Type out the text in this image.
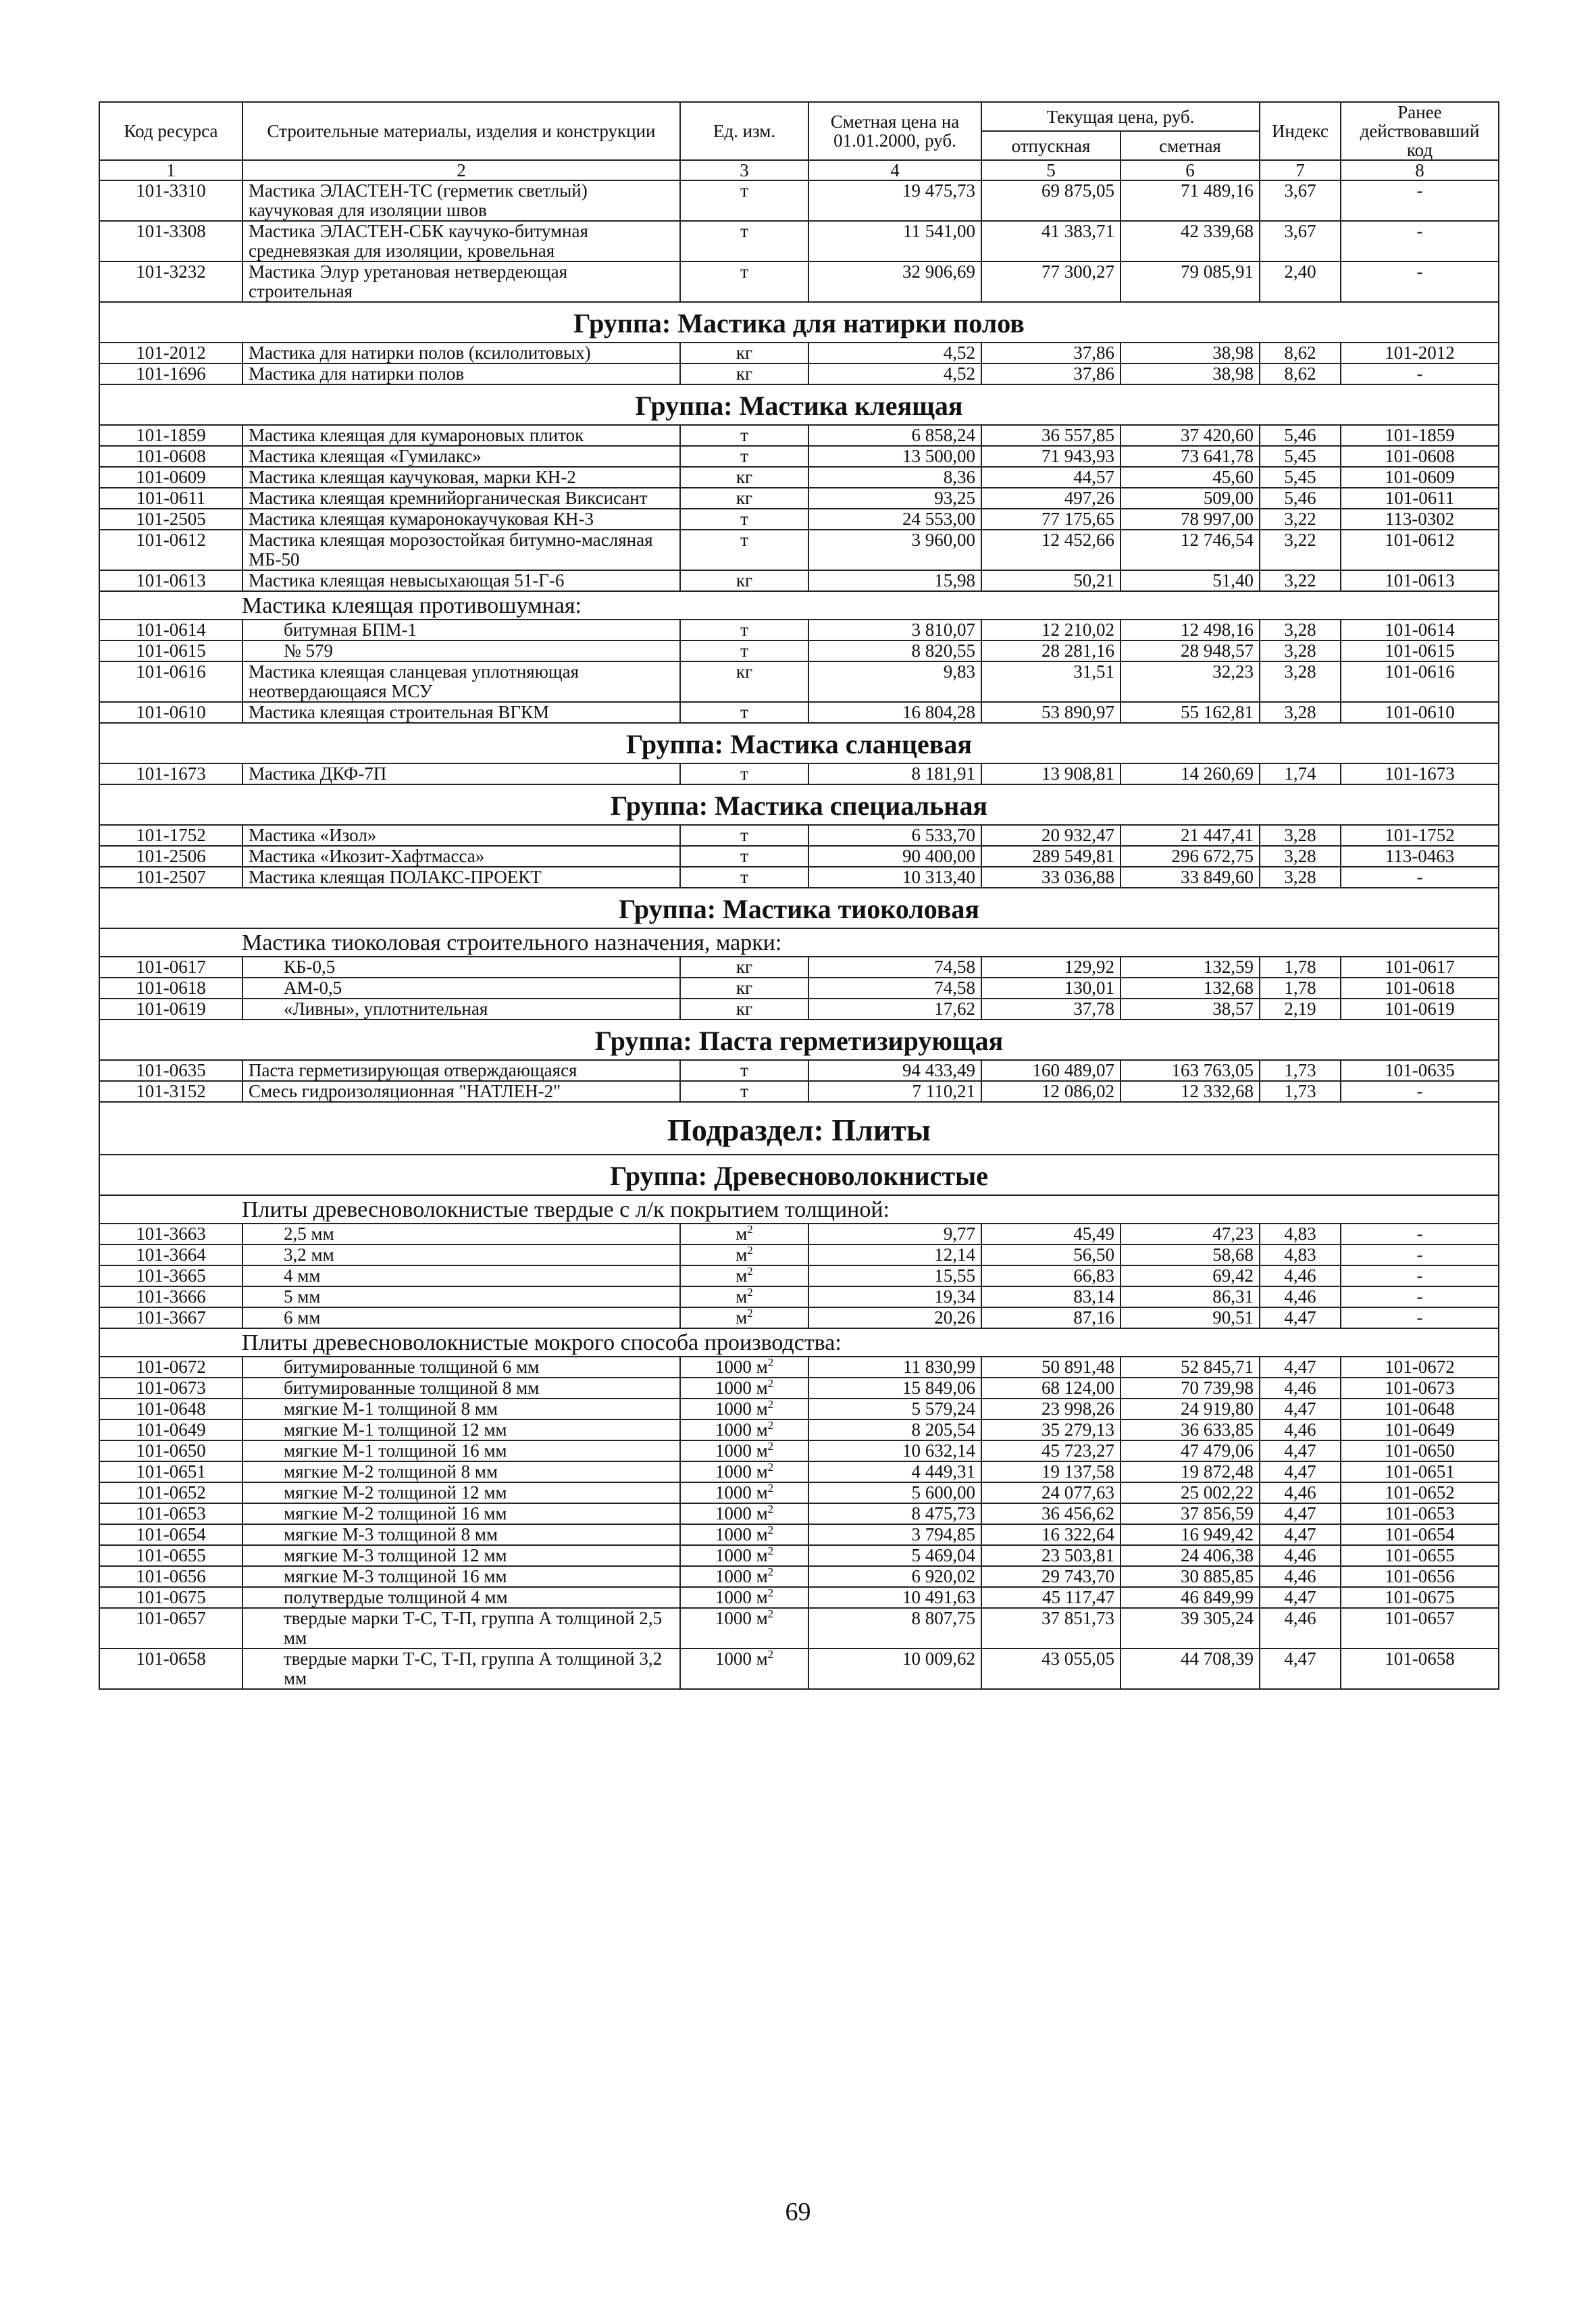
Код ресурса	Строительные материалы, изделия и конструкции	Ед. изм.	Сметная цена на 01.01.2000, руб.	Текущая цена, руб.		Индекс	Ранее действовавший код
				отпускная	сметная		
1	2	3	4	5	6	7	8
101-3310	Мастика ЭЛАСТЕН-ТС (герметик светлый) каучуковая для изоляции швов	т	19 475,73	69 875,05	71 489,16	3,67	-
101-3308	Мастика ЭЛАСТЕН-СБК каучуко-битумная средневязкая для изоляции, кровельная	т	11 541,00	41 383,71	42 339,68	3,67	-
101-3232	Мастика Элур уретановая нетвердеющая строительная	т	32 906,69	77 300,27	79 085,91	2,40	-
Группа: Мастика для натирки полов							
101-2012	Мастика для натирки полов (ксилолитовых)	кг	4,52	37,86	38,98	8,62	101-2012
101-1696	Мастика для натирки полов	кг	4,52	37,86	38,98	8,62	-
Группа: Мастика клеящая							
101-1859	Мастика клеящая для кумароновых плиток	т	6 858,24	36 557,85	37 420,60	5,46	101-1859
101-0608	Мастика клеящая «Гумилакс»	т	13 500,00	71 943,93	73 641,78	5,45	101-0608
101-0609	Мастика клеящая каучуковая, марки КН-2	кг	8,36	44,57	45,60	5,45	101-0609
101-0611	Мастика клеящая кремнийорганическая Виксисант	кг	93,25	497,26	509,00	5,46	101-0611
101-2505	Мастика клеящая кумаронокаучуковая КН-3	т	24 553,00	77 175,65	78 997,00	3,22	113-0302
101-0612	Мастика клеящая морозостойкая битумно-масляная МБ-50	т	3 960,00	12 452,66	12 746,54	3,22	101-0612
101-0613	Мастика клеящая невысыхающая 51-Г-6	кг	15,98	50,21	51,40	3,22	101-0613
Мастика клеящая противошумная:							
101-0614	битумная БПМ-1	т	3 810,07	12 210,02	12 498,16	3,28	101-0614
101-0615	№ 579	т	8 820,55	28 281,16	28 948,57	3,28	101-0615
101-0616	Мастика клеящая сланцевая уплотняющая неотвердающаяся МСУ	кг	9,83	31,51	32,23	3,28	101-0616
101-0610	Мастика клеящая строительная ВГКМ	т	16 804,28	53 890,97	55 162,81	3,28	101-0610
Группа: Мастика сланцевая							
101-1673	Мастика ДКФ-7П	т	8 181,91	13 908,81	14 260,69	1,74	101-1673
Группа: Мастика специальная							
101-1752	Мастика «Изол»	т	6 533,70	20 932,47	21 447,41	3,28	101-1752
101-2506	Мастика «Икозит-Хафтмасса»	т	90 400,00	289 549,81	296 672,75	3,28	113-0463
101-2507	Мастика клеящая ПОЛАКС-ПРОЕКТ	т	10 313,40	33 036,88	33 849,60	3,28	-
Группа: Мастика тиоколовая							
Мастика тиоколовая строительного назначения, марки:							
101-0617	КБ-0,5	кг	74,58	129,92	132,59	1,78	101-0617
101-0618	АМ-0,5	кг	74,58	130,01	132,68	1,78	101-0618
101-0619	«Ливны», уплотнительная	кг	17,62	37,78	38,57	2,19	101-0619
Группа: Паста герметизирующая							
101-0635	Паста герметизирующая отверждающаяся	т	94 433,49	160 489,07	163 763,05	1,73	101-0635
101-3152	Смесь гидроизоляционная "НАТЛЕН-2"	т	7 110,21	12 086,02	12 332,68	1,73	-
Подраздел: Плиты							
Группа: Древесноволокнистые							
Плиты древесноволокнистые твердые с л/к покрытием толщиной:							
101-3663	2,5 мм	$м^2$	9,77	45,49	47,23	4,83	-
101-3664	3,2 мм	$м^2$	12,14	56,50	58,68	4,83	-
101-3665	4 мм	$м^2$	15,55	66,83	69,42	4,46	-
101-3666	5 мм	$м^2$	19,34	83,14	86,31	4,46	-
101-3667	6 мм	$м^2$	20,26	87,16	90,51	4,47	-
Плиты древесноволокнистые мокрого способа производства:							
101-0672	битумированные толщиной 6 мм	1000 $м^2$	11 830,99	50 891,48	52 845,71	4,47	101-0672
101-0673	битумированные толщиной 8 мм	1000 $м^2$	15 849,06	68 124,00	70 739,98	4,46	101-0673
101-0648	мягкие М-1 толщиной 8 мм	1000 $м^2$	5 579,24	23 998,26	24 919,80	4,47	101-0648
101-0649	мягкие М-1 толщиной 12 мм	1000 $м^2$	8 205,54	35 279,13	36 633,85	4,46	101-0649
101-0650	мягкие М-1 толщиной 16 мм	1000 $м^2$	10 632,14	45 723,27	47 479,06	4,47	101-0650
101-0651	мягкие М-2 толщиной 8 мм	1000 $м^2$	4 449,31	19 137,58	19 872,48	4,47	101-0651
101-0652	мягкие М-2 толщиной 12 мм	1000 $м^2$	5 600,00	24 077,63	25 002,22	4,46	101-0652
101-0653	мягкие М-2 толщиной 16 мм	1000 $м^2$	8 475,73	36 456,62	37 856,59	4,47	101-0653
101-0654	мягкие М-3 толщиной 8 мм	1000 $м^2$	3 794,85	16 322,64	16 949,42	4,47	101-0654
101-0655	мягкие М-3 толщиной 12 мм	1000 $м^2$	5 469,04	23 503,81	24 406,38	4,46	101-0655
101-0656	мягкие М-3 толщиной 16 мм	1000 $м^2$	6 920,02	29 743,70	30 885,85	4,46	101-0656
101-0675	полутвердые толщиной 4 мм	1000 $м^2$	10 491,63	45 117,47	46 849,99	4,47	101-0675
101-0657	твердые марки Т-С, Т-П, группа А толщиной 2,5 мм	1000 $м^2$	8 807,75	37 851,73	39 305,24	4,46	101-0657
101-0658	твердые марки Т-С, Т-П, группа А толщиной 3,2 мм	1000 $м^2$	10 009,62	43 055,05	44 708,39	4,47	101-0658
69
